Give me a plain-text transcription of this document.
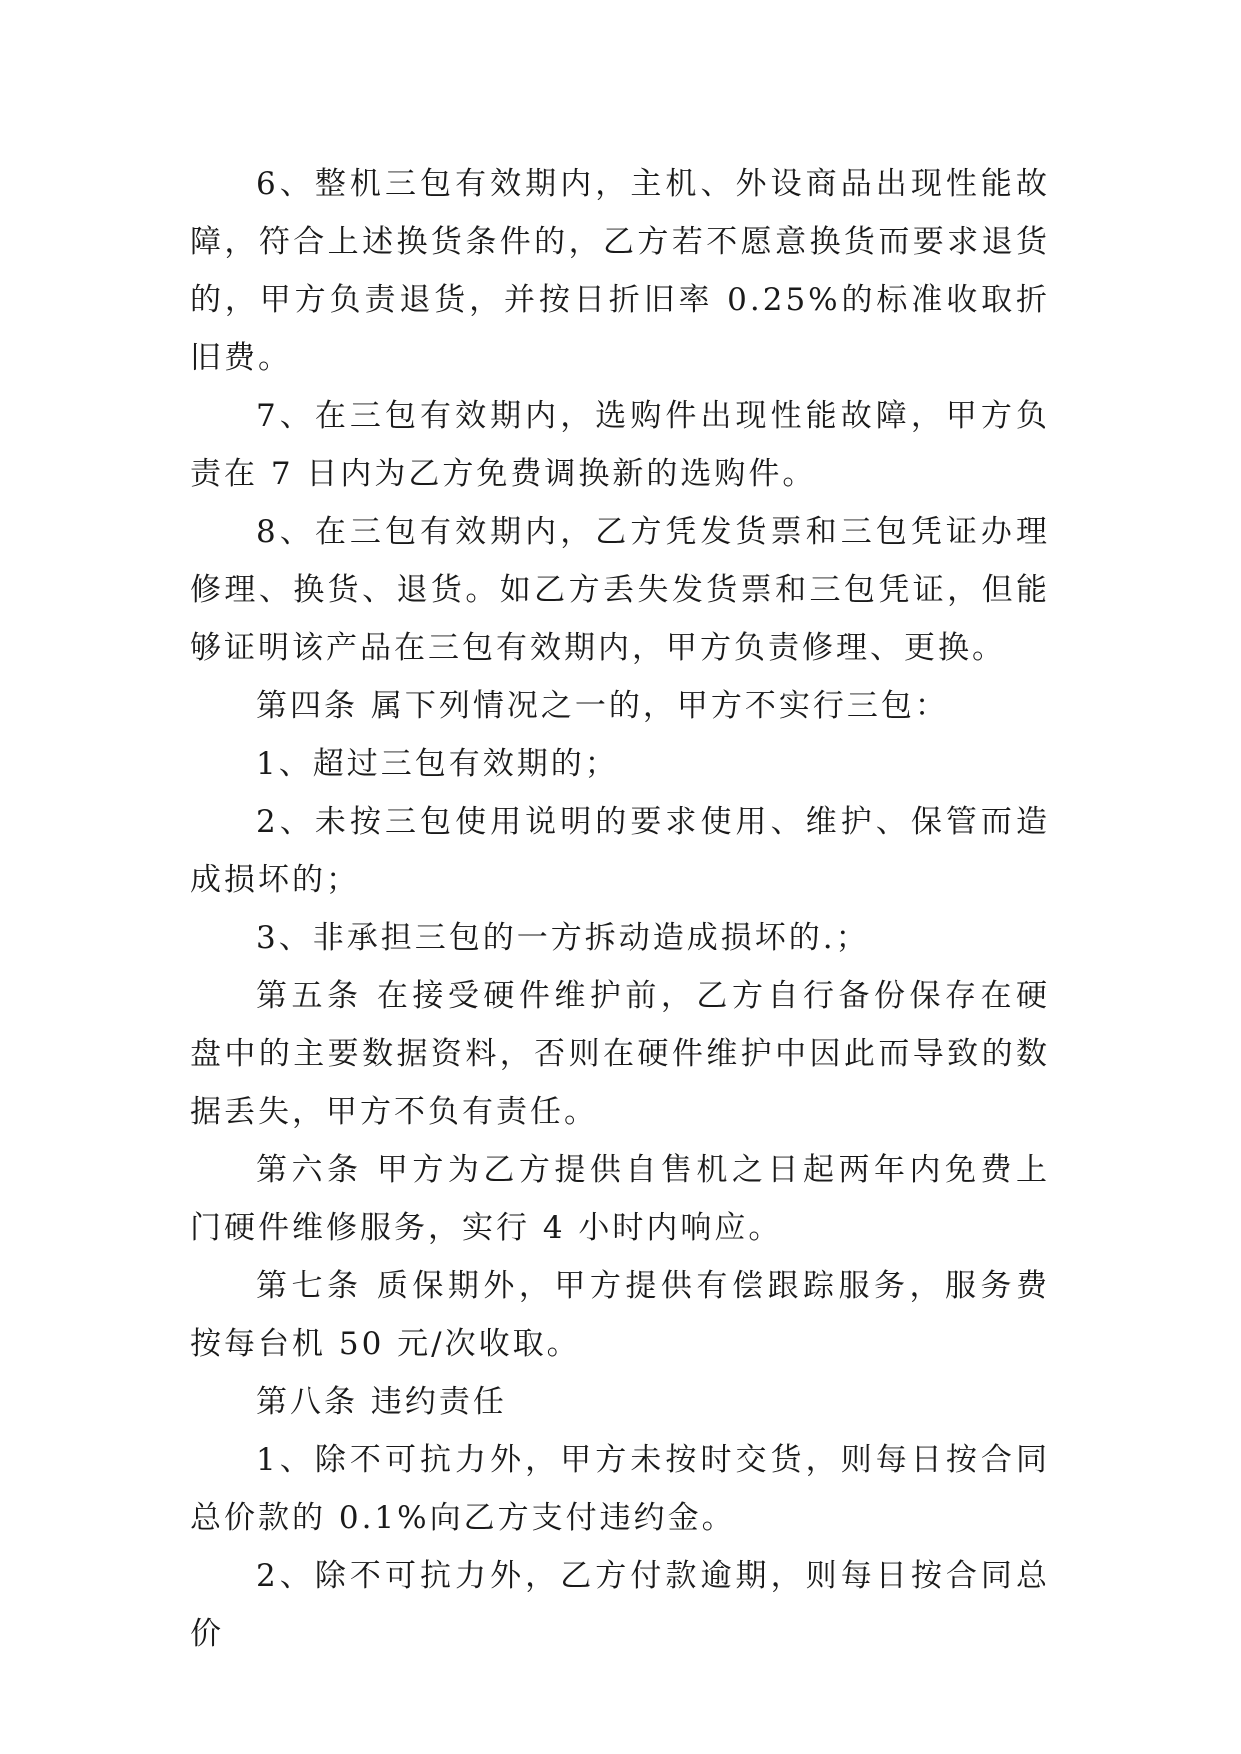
6、整机三包有效期内，主机、外设商品出现性能故障，符合上述换货条件的，乙方若不愿意换货而要求退货的，甲方负责退货，并按日折旧率 0.25%的标准收取折旧费。

7、在三包有效期内，选购件出现性能故障，甲方负责在 7 日内为乙方免费调换新的选购件。

8、在三包有效期内，乙方凭发货票和三包凭证办理修理、换货、退货。如乙方丢失发货票和三包凭证，但能够证明该产品在三包有效期内，甲方负责修理、更换。

第四条 属下列情况之一的，甲方不实行三包：

1、超过三包有效期的；

2、未按三包使用说明的要求使用、维护、保管而造成损坏的；

3、非承担三包的一方拆动造成损坏的.；

第五条 在接受硬件维护前，乙方自行备份保存在硬盘中的主要数据资料，否则在硬件维护中因此而导致的数据丢失，甲方不负有责任。

第六条 甲方为乙方提供自售机之日起两年内免费上门硬件维修服务，实行 4 小时内响应。

第七条 质保期外，甲方提供有偿跟踪服务，服务费按每台机 50 元/次收取。

第八条 违约责任

1、除不可抗力外，甲方未按时交货，则每日按合同总价款的 0.1%向乙方支付违约金。

2、除不可抗力外，乙方付款逾期，则每日按合同总价
